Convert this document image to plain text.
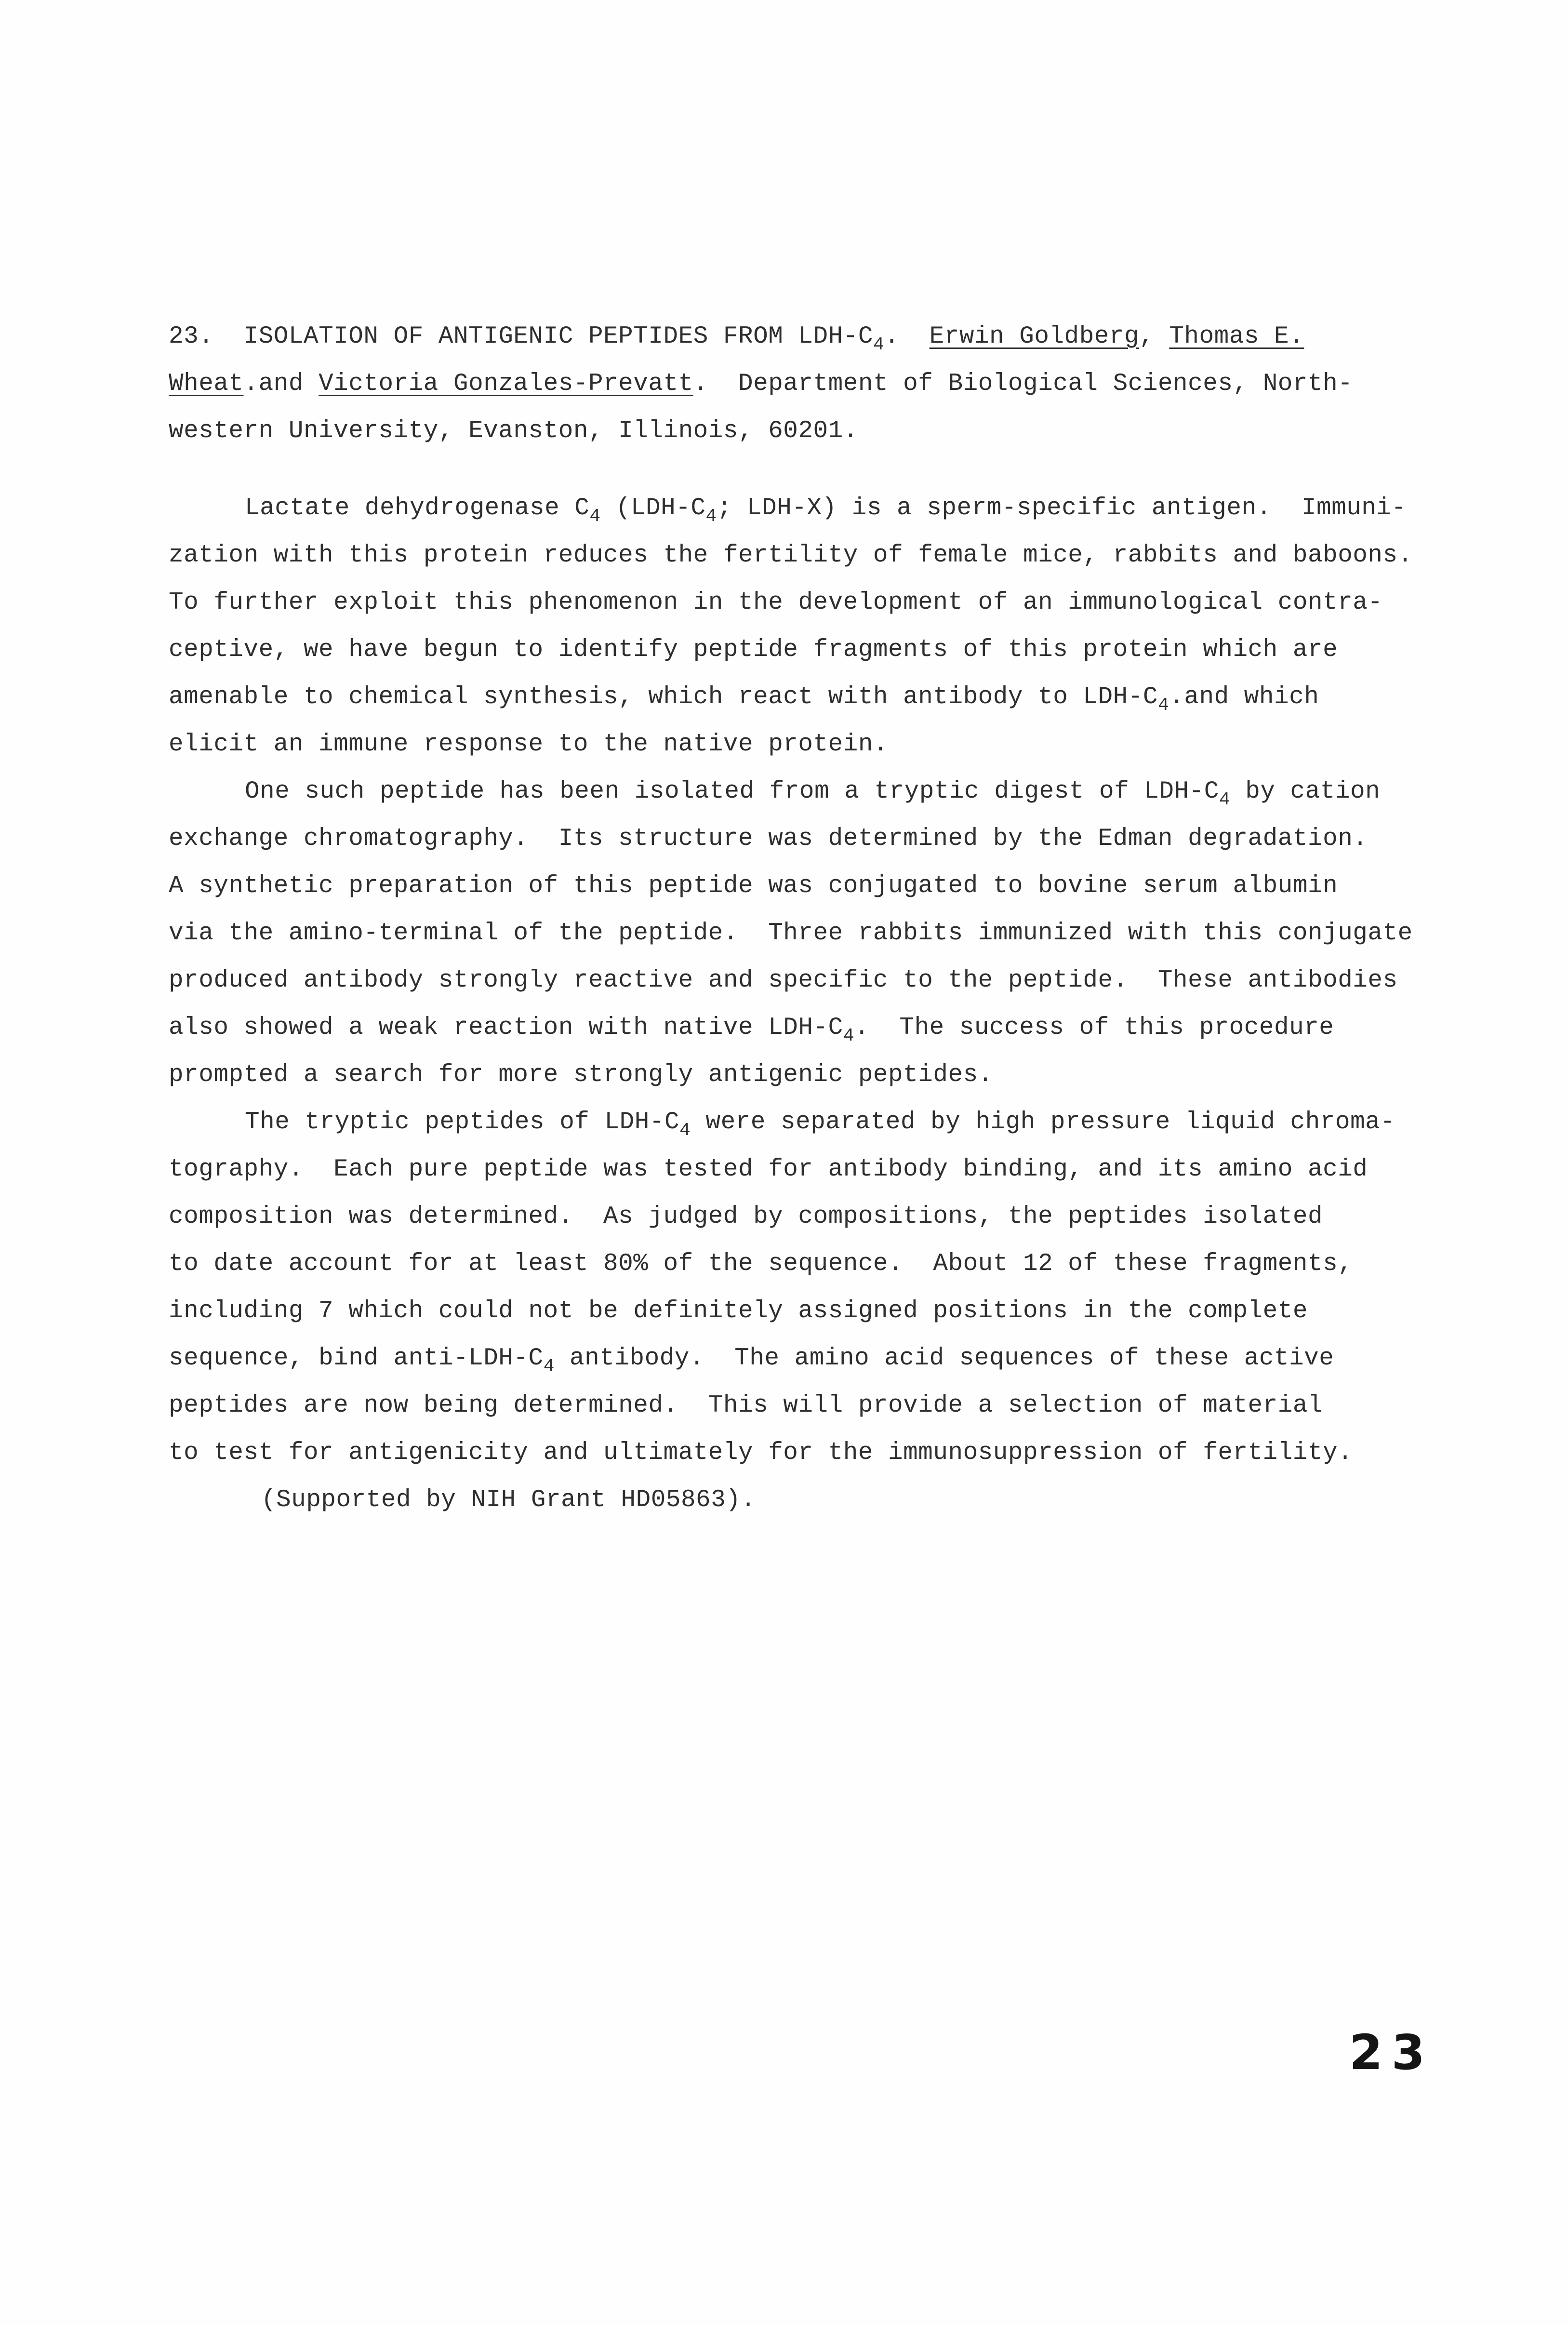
23. ISOLATION OF ANTIGENIC PEPTIDES FROM LDH-$C_4$. Erwin Goldberg, Thomas E.
Wheat.and Victoria Gonzales-Prevatt. Department of Biological Sciences, North-
western University, Evanston, Illinois, 60201.
Lactate dehydrogenase $C_4$ ($LDH-C_4$; LDH-X) is a sperm-specific antigen.  Immuni-
zation with this protein reduces the fertility of female mice, rabbits and baboons.
To further exploit this phenomenon in the development of an immunological contra-
ceptive, we have begun to identify peptide fragments of this protein which are
amenable to chemical synthesis, which react with antibody to LDH-$C_4.and$ which
elicit an immune response to the native protein.
One such peptide has been isolated from a tryptic digest of LDH-$C_4$ by cation
exchange chromatography.  Its structure was determined by the Edman degradation.
A synthetic preparation of this peptide was conjugated to bovine serum albumin
via the amino-terminal of the peptide.  Three rabbits immunized with this conjugate
produced antibody strongly reactive and specific to the peptide.  These antibodies
also showed a weak reaction with native LDH-$C_4$.  The success of this procedure
prompted a search for more strongly antigenic peptides.
The tryptic peptides of LDH-$C_4$ were separated by high pressure liquid chroma-
tography.  Each pure peptide was tested for antibody binding, and its amino acid
composition was determined.  As judged by compositions, the peptides isolated
to date account for at least 80% of the sequence.  About 12 of these fragments,
including 7 which could not be definitely assigned positions in the complete
sequence, bind anti-$LDH-C_4$ antibody.  The amino acid sequences of these active
peptides are now being determined.  This will provide a selection of material
to test for antigenicity and ultimately for the immunosuppression of fertility.
(Supported by NIH Grant HD05863).
23
